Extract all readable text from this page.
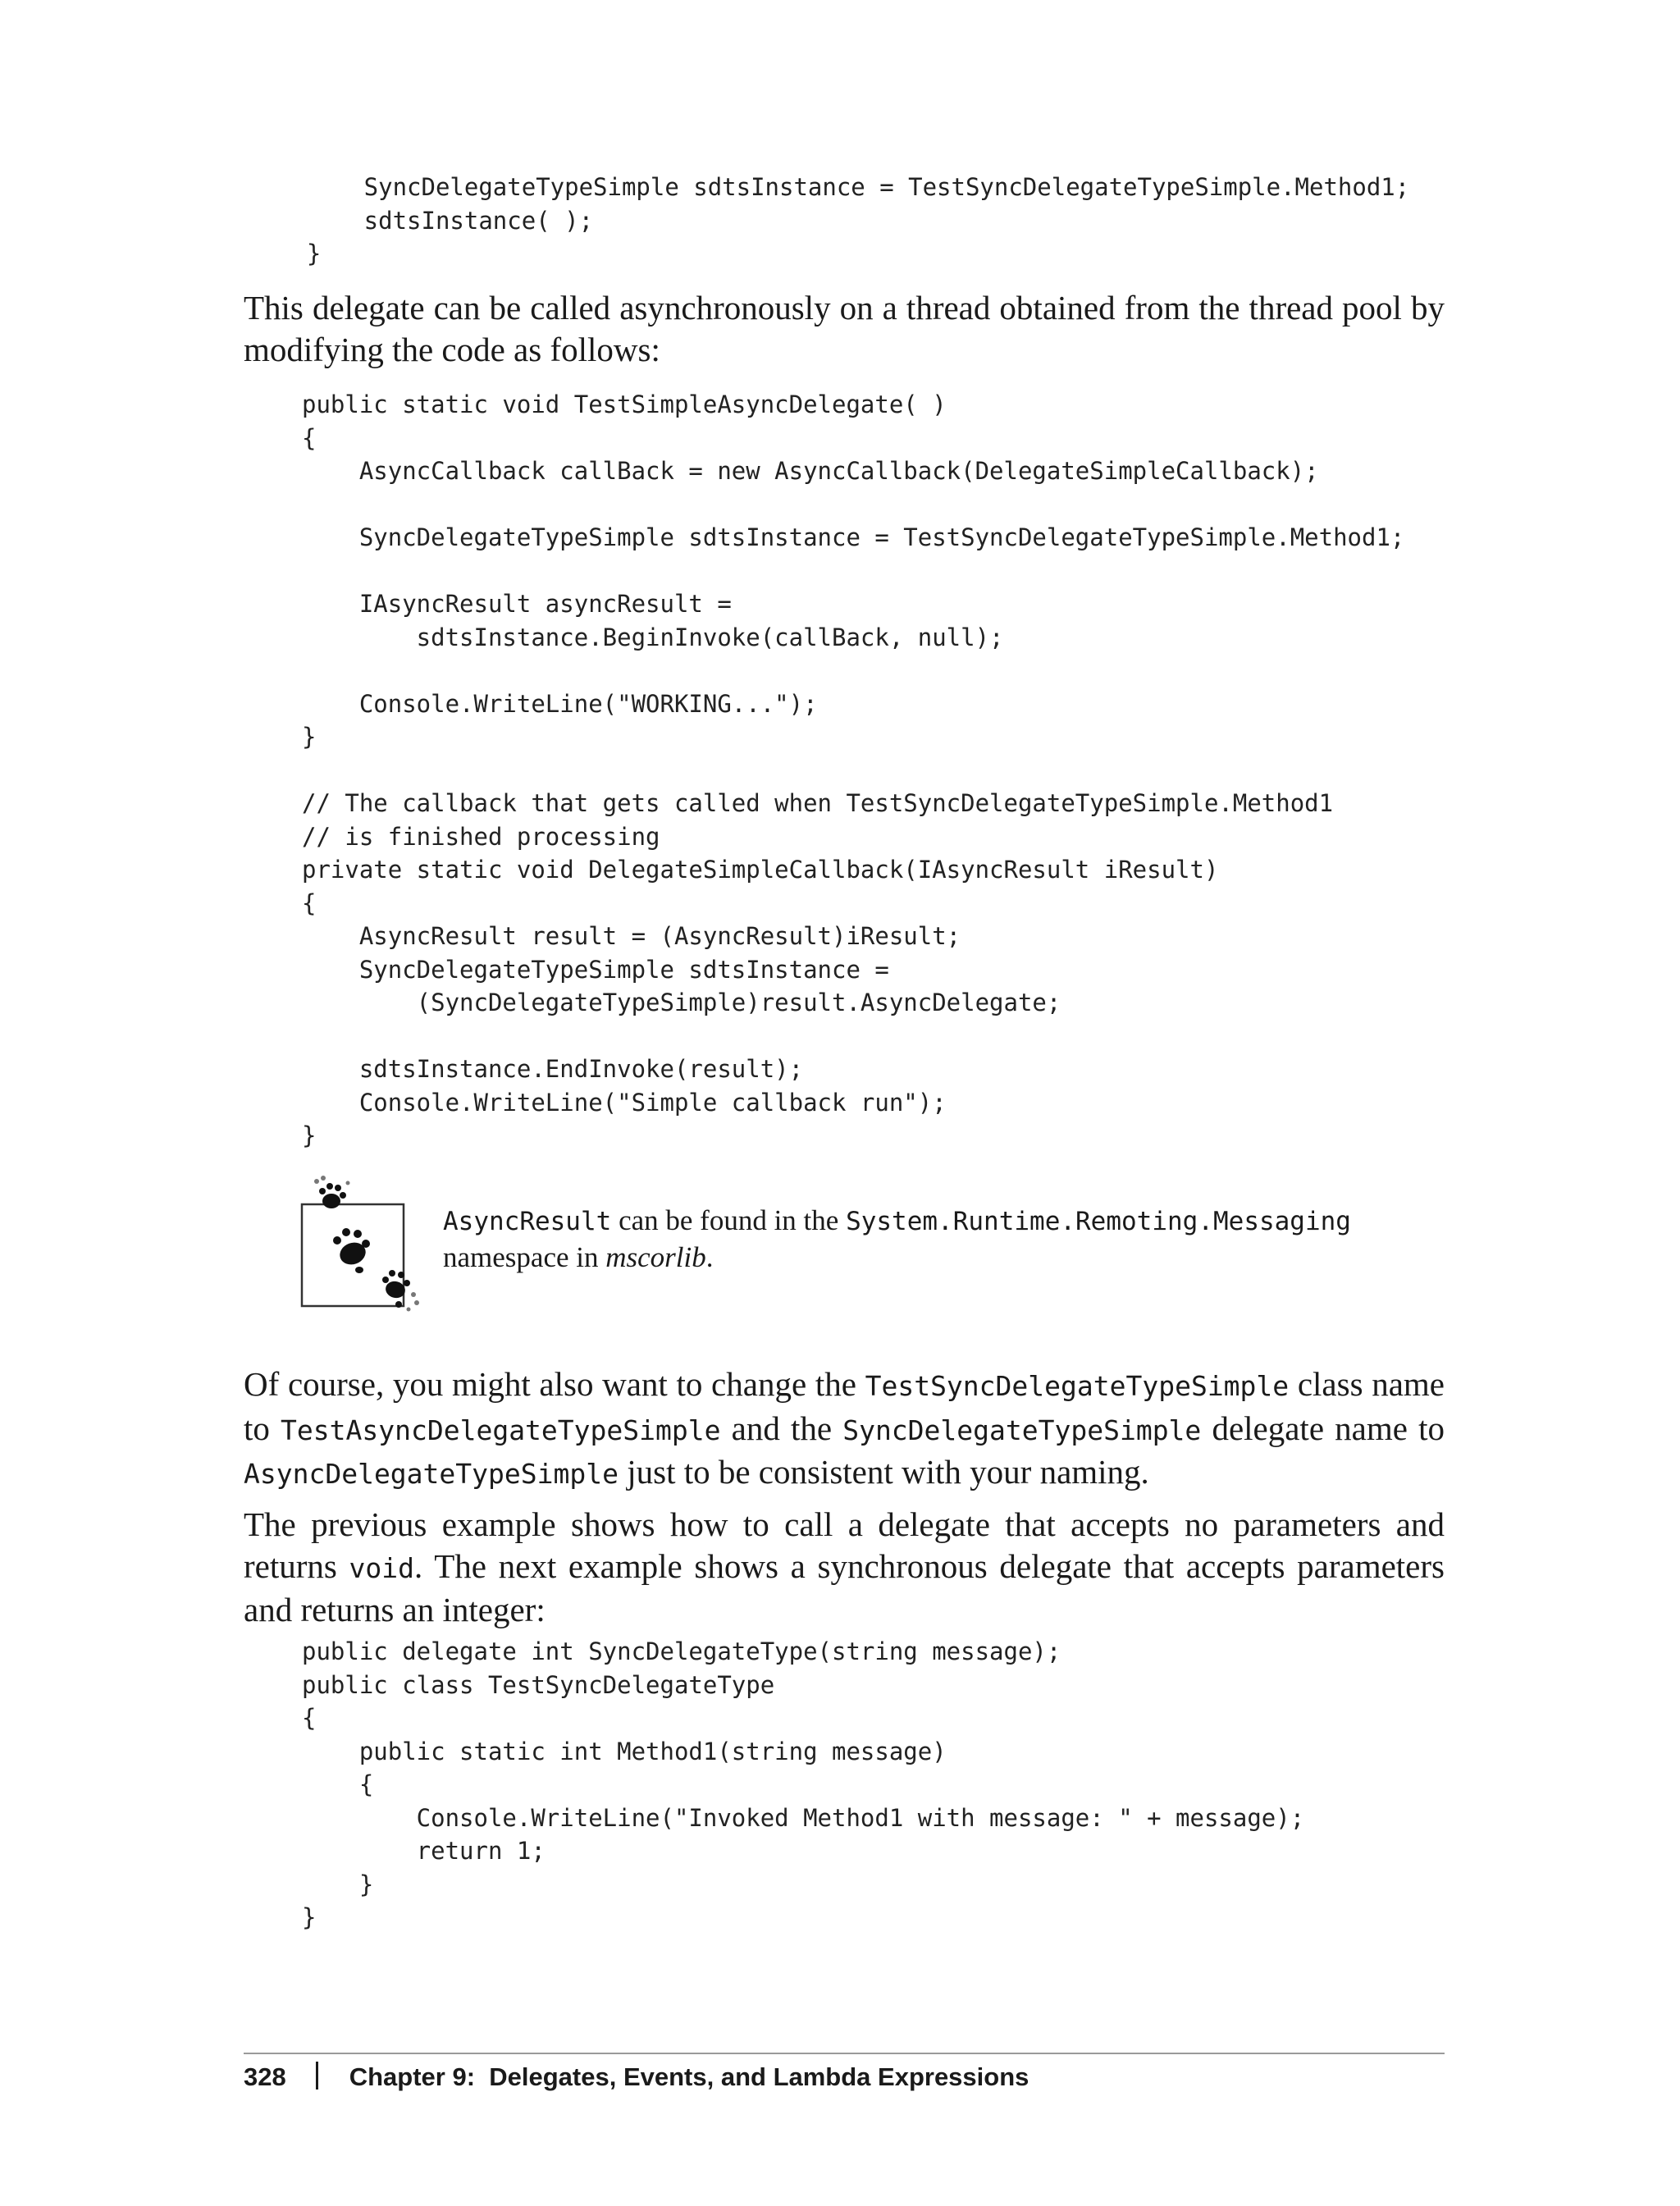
SyncDelegateTypeSimple sdtsInstance = TestSyncDelegateTypeSimple.Method1;
sdtsInstance( );
}

This delegate can be called asynchronously on a thread obtained from the thread pool by modifying the code as follows:

public static void TestSimpleAsyncDelegate( )
{
AsyncCallback callBack = new AsyncCallback(DelegateSimpleCallback);

SyncDelegateTypeSimple sdtsInstance = TestSyncDelegateTypeSimple.Method1;

IAsyncResult asyncResult =
sdtsInstance.BeginInvoke(callBack, null);

Console.WriteLine("WORKING...");
}

// The callback that gets called when TestSyncDelegateTypeSimple.Method1
// is finished processing
private static void DelegateSimpleCallback(IAsyncResult iResult)
{
AsyncResult result = (AsyncResult)iResult;
SyncDelegateTypeSimple sdtsInstance =
(SyncDelegateTypeSimple)result.AsyncDelegate;

sdtsInstance.EndInvoke(result);
Console.WriteLine("Simple callback run");
}

AsyncResult can be found in the System.Runtime.Remoting.Messaging
namespace in mscorlib.

Of course, you might also want to change the TestSyncDelegateTypeSimple class name to TestAsyncDelegateTypeSimple and the SyncDelegateTypeSimple delegate name to AsyncDelegateTypeSimple just to be consistent with your naming.

The previous example shows how to call a delegate that accepts no parameters and returns void. The next example shows a synchronous delegate that accepts parameters and returns an integer:

public delegate int SyncDelegateType(string message);
public class TestSyncDelegateType
{
public static int Method1(string message)
{
Console.WriteLine("Invoked Method1 with message: " + message);
return 1;
}
}
328 Chapter 9:  Delegates, Events, and Lambda Expressions
